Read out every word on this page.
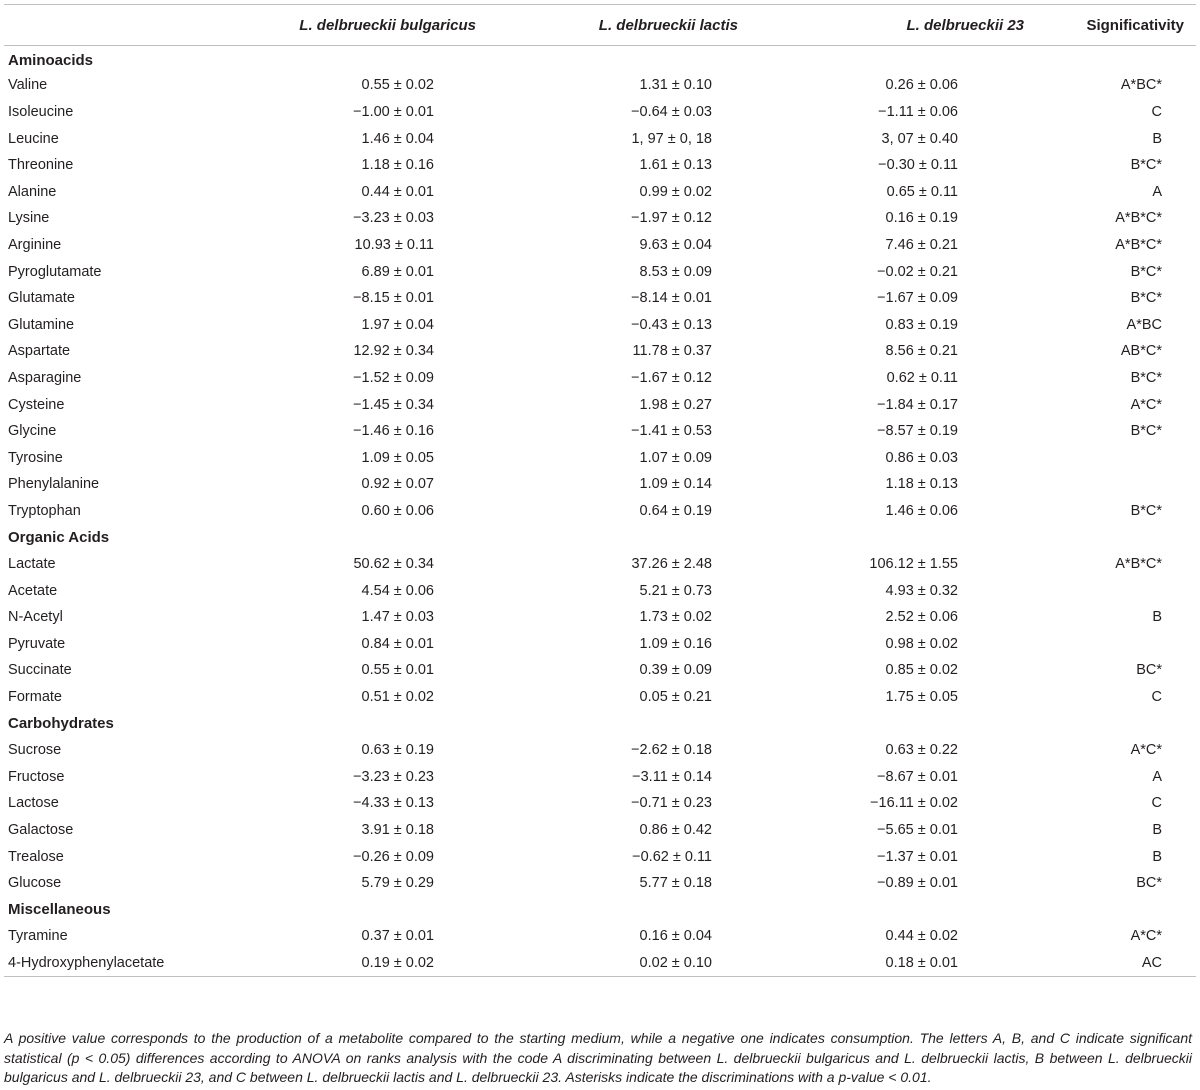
	L. delbrueckii bulgaricus	L. delbrueckii lactis	L. delbrueckii 23	Significativity
Aminoacids				
Valine	0.55 ± 0.02	1.31 ± 0.10	0.26 ± 0.06	A*BC*
Isoleucine	−1.00 ± 0.01	−0.64 ± 0.03	−1.11 ± 0.06	C
Leucine	1.46 ± 0.04	1, 97 ± 0, 18	3, 07 ± 0.40	B
Threonine	1.18 ± 0.16	1.61 ± 0.13	−0.30 ± 0.11	B*C*
Alanine	0.44 ± 0.01	0.99 ± 0.02	0.65 ± 0.11	A
Lysine	−3.23 ± 0.03	−1.97 ± 0.12	0.16 ± 0.19	A*B*C*
Arginine	10.93 ± 0.11	9.63 ± 0.04	7.46 ± 0.21	A*B*C*
Pyroglutamate	6.89 ± 0.01	8.53 ± 0.09	−0.02 ± 0.21	B*C*
Glutamate	−8.15 ± 0.01	−8.14 ± 0.01	−1.67 ± 0.09	B*C*
Glutamine	1.97 ± 0.04	−0.43 ± 0.13	0.83 ± 0.19	A*BC
Aspartate	12.92 ± 0.34	11.78 ± 0.37	8.56 ± 0.21	AB*C*
Asparagine	−1.52 ± 0.09	−1.67 ± 0.12	0.62 ± 0.11	B*C*
Cysteine	−1.45 ± 0.34	1.98 ± 0.27	−1.84 ± 0.17	A*C*
Glycine	−1.46 ± 0.16	−1.41 ± 0.53	−8.57 ± 0.19	B*C*
Tyrosine	1.09 ± 0.05	1.07 ± 0.09	0.86 ± 0.03	
Phenylalanine	0.92 ± 0.07	1.09 ± 0.14	1.18 ± 0.13	
Tryptophan	0.60 ± 0.06	0.64 ± 0.19	1.46 ± 0.06	B*C*
Organic Acids				
Lactate	50.62 ± 0.34	37.26 ± 2.48	106.12 ± 1.55	A*B*C*
Acetate	4.54 ± 0.06	5.21 ± 0.73	4.93 ± 0.32	
N-Acetyl	1.47 ± 0.03	1.73 ± 0.02	2.52 ± 0.06	B
Pyruvate	0.84 ± 0.01	1.09 ± 0.16	0.98 ± 0.02	
Succinate	0.55 ± 0.01	0.39 ± 0.09	0.85 ± 0.02	BC*
Formate	0.51 ± 0.02	0.05 ± 0.21	1.75 ± 0.05	C
Carbohydrates				
Sucrose	0.63 ± 0.19	−2.62 ± 0.18	0.63 ± 0.22	A*C*
Fructose	−3.23 ± 0.23	−3.11 ± 0.14	−8.67 ± 0.01	A
Lactose	−4.33 ± 0.13	−0.71 ± 0.23	−16.11 ± 0.02	C
Galactose	3.91 ± 0.18	0.86 ± 0.42	−5.65 ± 0.01	B
Trealose	−0.26 ± 0.09	−0.62 ± 0.11	−1.37 ± 0.01	B
Glucose	5.79 ± 0.29	5.77 ± 0.18	−0.89 ± 0.01	BC*
Miscellaneous				
Tyramine	0.37 ± 0.01	0.16 ± 0.04	0.44 ± 0.02	A*C*
4-Hydroxyphenylacetate	0.19 ± 0.02	0.02 ± 0.10	0.18 ± 0.01	AC

A positive value corresponds to the production of a metabolite compared to the starting medium, while a negative one indicates consumption. The letters A, B, and C indicate significant statistical (p < 0.05) differences according to ANOVA on ranks analysis with the code A discriminating between L. delbrueckii bulgaricus and L. delbrueckii lactis, B between L. delbrueckii bulgaricus and L. delbrueckii 23, and C between L. delbrueckii lactis and L. delbrueckii 23. Asterisks indicate the discriminations with a p-value < 0.01.
